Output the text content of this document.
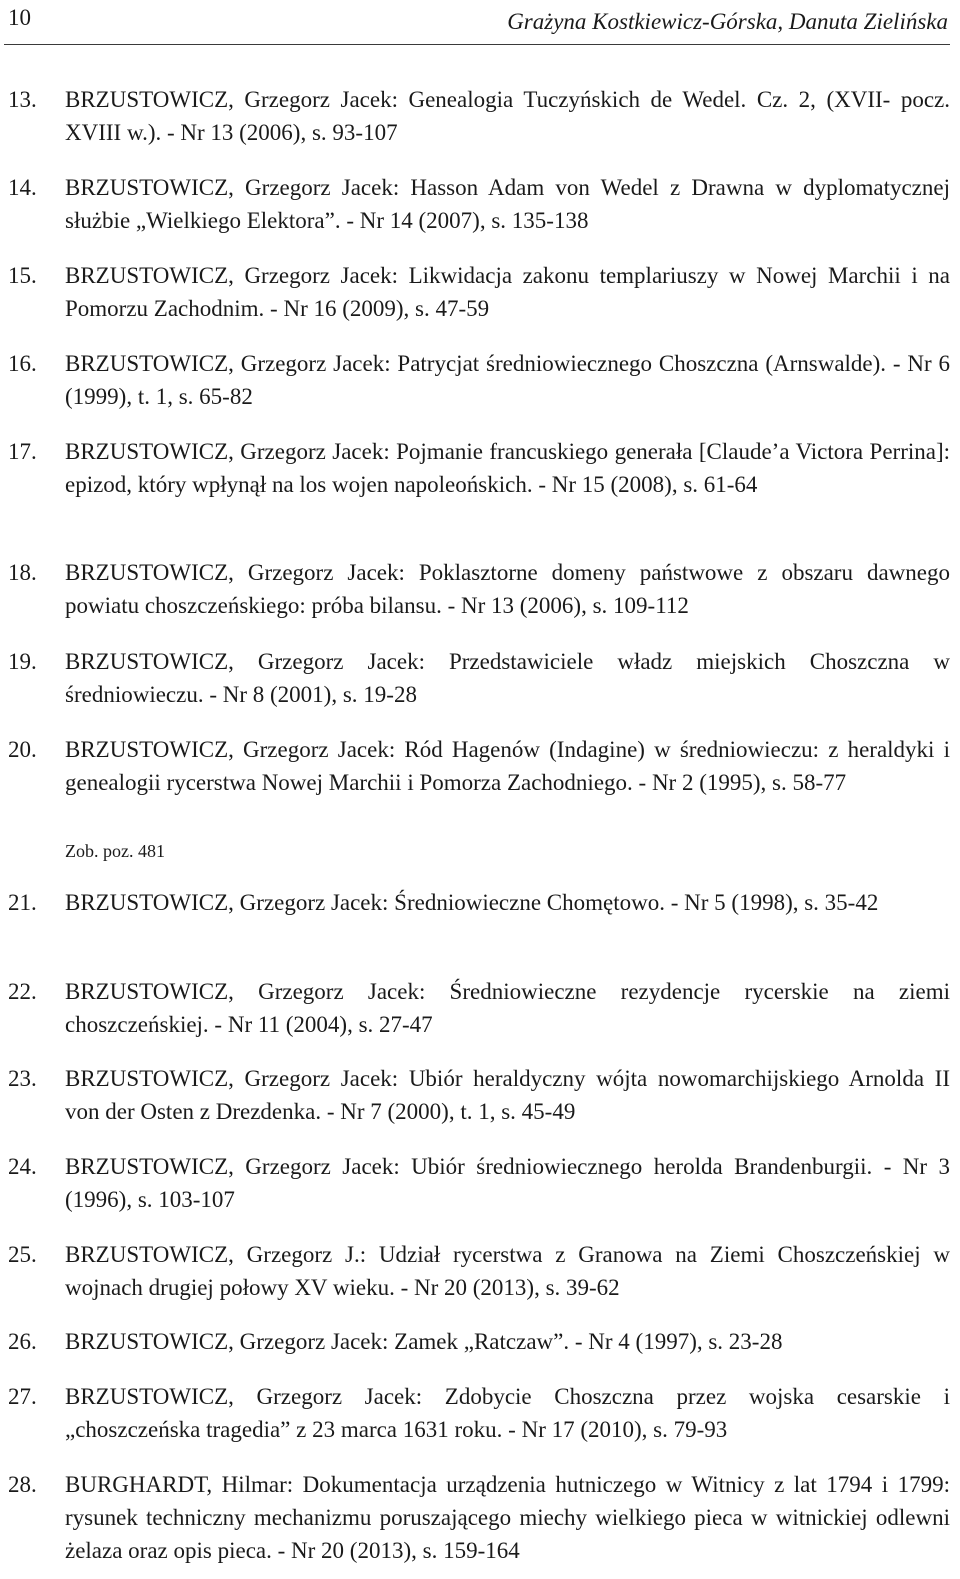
10	Grażyna Kostkiewicz-Górska, Danuta Zielińska
13. BRZUSTOWICZ, Grzegorz Jacek: Genealogia Tuczyńskich de Wedel. Cz. 2, (XVII- pocz. XVIII w.). - Nr 13 (2006), s. 93-107
14. BRZUSTOWICZ, Grzegorz Jacek: Hasson Adam von Wedel z Drawna w dyplomatycznej służbie „Wielkiego Elektora”. - Nr 14 (2007), s. 135-138
15. BRZUSTOWICZ, Grzegorz Jacek: Likwidacja zakonu templariuszy w Nowej Marchii i na Pomorzu Zachodnim. - Nr 16 (2009), s. 47-59
16. BRZUSTOWICZ, Grzegorz Jacek: Patrycjat średniowiecznego Choszczna (Arnswalde). - Nr 6 (1999), t. 1, s. 65-82
17. BRZUSTOWICZ, Grzegorz Jacek: Pojmanie francuskiego generała [Claude’a Victora Perrina]: epizod, który wpłynął na los wojen napoleońskich. - Nr 15 (2008), s. 61-64
18. BRZUSTOWICZ, Grzegorz Jacek: Poklasztorne domeny państwowe z obszaru dawnego powiatu choszczeńskiego: próba bilansu. - Nr 13 (2006), s. 109-112
19. BRZUSTOWICZ, Grzegorz Jacek: Przedstawiciele władz miejskich Choszczna w średniowieczu. - Nr 8 (2001), s. 19-28
20. BRZUSTOWICZ, Grzegorz Jacek: Ród Hagenów (Indagine) w średniowieczu: z heraldyki i genealogii rycerstwa Nowej Marchii i Pomorza Zachodniego. - Nr 2 (1995), s. 58-77
Zob. poz. 481
21. BRZUSTOWICZ, Grzegorz Jacek: Średniowieczne Chomętowo. - Nr 5 (1998), s. 35-42
22. BRZUSTOWICZ, Grzegorz Jacek: Średniowieczne rezydencje rycerskie na ziemi choszczeńskiej. - Nr 11 (2004), s. 27-47
23. BRZUSTOWICZ, Grzegorz Jacek: Ubiór heraldyczny wójta nowomarchijskiego Arnolda II von der Osten z Drezdenka. - Nr 7 (2000), t. 1, s. 45-49
24. BRZUSTOWICZ, Grzegorz Jacek: Ubiór średniowiecznego herolda Brandenburgii. - Nr 3 (1996), s. 103-107
25. BRZUSTOWICZ, Grzegorz J.: Udział rycerstwa z Granowa na Ziemi Choszczeńskiej w wojnach drugiej połowy XV wieku. - Nr 20 (2013), s. 39-62
26. BRZUSTOWICZ, Grzegorz Jacek: Zamek „Ratczaw”. - Nr 4 (1997), s. 23-28
27. BRZUSTOWICZ, Grzegorz Jacek: Zdobycie Choszczna przez wojska cesarskie i „choszczeńska tragedia” z 23 marca 1631 roku. - Nr 17 (2010), s. 79-93
28. BURGHARDT, Hilmar: Dokumentacja urządzenia hutniczego w Witnicy z lat 1794 i 1799: rysunek techniczny mechanizmu poruszającego miechy wielkiego pieca w witnickiej odlewni żelaza oraz opis pieca. - Nr 20 (2013), s. 159-164
